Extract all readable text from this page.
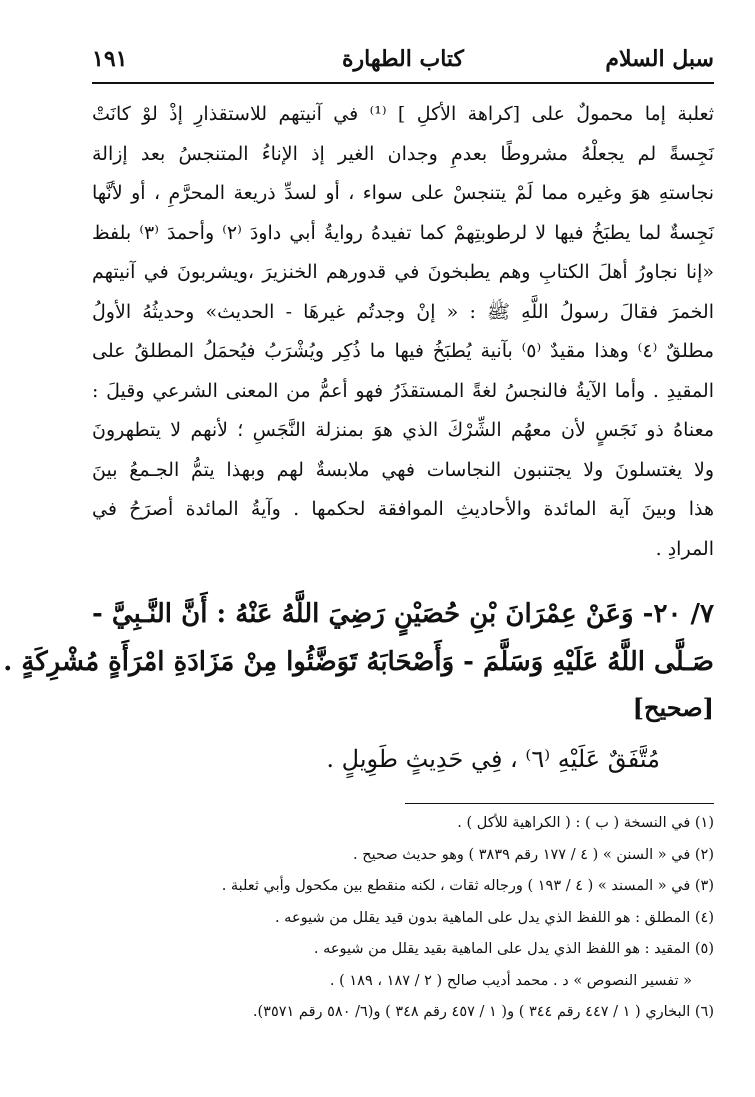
سبل السلام
كتاب الطهارة
١٩١
ثعلبة إما محمولٌ على [كراهة الأكلِ ] ⁽¹⁾ في آنيتهم للاستقذارِ إذْ لوْ كانَتْ
نَجِسةً لم يجعلْهُ مشروطًا بعدمِ وجدان الغير إذ الإناءُ المتنجسُ بعد إزالة
نجاستهِ هوَ وغيره مما لَمْ يتنجسْ على سواء ، أو لسدِّ ذريعة المحرَّمِ ، أو لأنَّها
نَجِسةٌ لما يطبَخُ فيها لا لرطوبتِهمْ كما تفيدهُ روايةُ أبي داودَ ⁽٢⁾ وأحمدَ ⁽٣⁾ بلفظ
«إنا نجاورُ أهلَ الكتابِ وهم يطبخونَ في قدورهم الخنزيرَ ،ويشربونَ في آنيتهم
الخمرَ فقالَ رسولُ اللَّهِ ﷺ : « إنْ وجدتُم غيرهَا - الحديث» وحديثُهُ الأولُ
مطلقٌ ⁽٤⁾ وهذا مقيدٌ ⁽٥⁾ بآنية يُطبَخُ فيها ما ذُكِر ويُشْرَبُ فيُحمَلُ المطلقُ على
المقيدِ . وأما الآيةُ فالنجسُ لغةً المستقذَرُ فهو أعمُّ من المعنى الشرعي وقيلَ :
معناهُ ذو نَجَسٍ لأن معهُم الشِّرْكَ الذي هوَ بمنزلة النَّجَسِ ؛ لأنهم لا يتطهرونَ
ولا يغتسلونَ ولا يجتنبون النجاسات فهي ملابسةٌ لهم وبهذا يتمُّ الجـمعُ بينَ
هذا وبينَ آية المائدة والأحاديثِ الموافقة لحكمها . وآيةُ المائدة أصرَحُ في
المرادِ .
٧/ ٢٠- وَعَنْ عِمْرَانَ بْنِ حُصَيْنٍ رَضِيَ اللَّهُ عَنْهُ : أَنَّ النَّـبِيَّ -
صَـلَّى اللَّهُ عَلَيْهِ وَسَلَّمَ - وَأَصْحَابَهُ تَوَضَّئُوا مِنْ مَزَادَةِ امْرَأَةٍ مُشْرِكَةٍ .
[صحيح]
مُتَّفَقٌ عَلَيْهِ ⁽٦⁾ ، فِي حَدِيثٍ طَوِيلٍ .
(١) في النسخة ( ب ) : ( الكراهية للأكل ) .
(٢) في « السنن » ( ٤ / ١٧٧ رقم ٣٨٣٩ ) وهو حديث صحيح .
(٣) في « المسند » ( ٤ / ١٩٣ ) ورجاله ثقات ، لكنه منقطع بين مكحول وأبي ثعلبة .
(٤) المطلق : هو اللفظ الذي يدل على الماهية بدون قيد يقلل من شيوعه .
(٥) المقيد : هو اللفظ الذي يدل على الماهية بقيد يقلل من شيوعه .
« تفسير النصوص » د . محمد أديب صالح ( ٢ / ١٨٧ ، ١٨٩ ) .
(٦) البخاري ( ١ / ٤٤٧ رقم ٣٤٤ ) و( ١ / ٤٥٧ رقم ٣٤٨ ) و(٦/ ٥٨٠ رقم ٣٥٧١).
